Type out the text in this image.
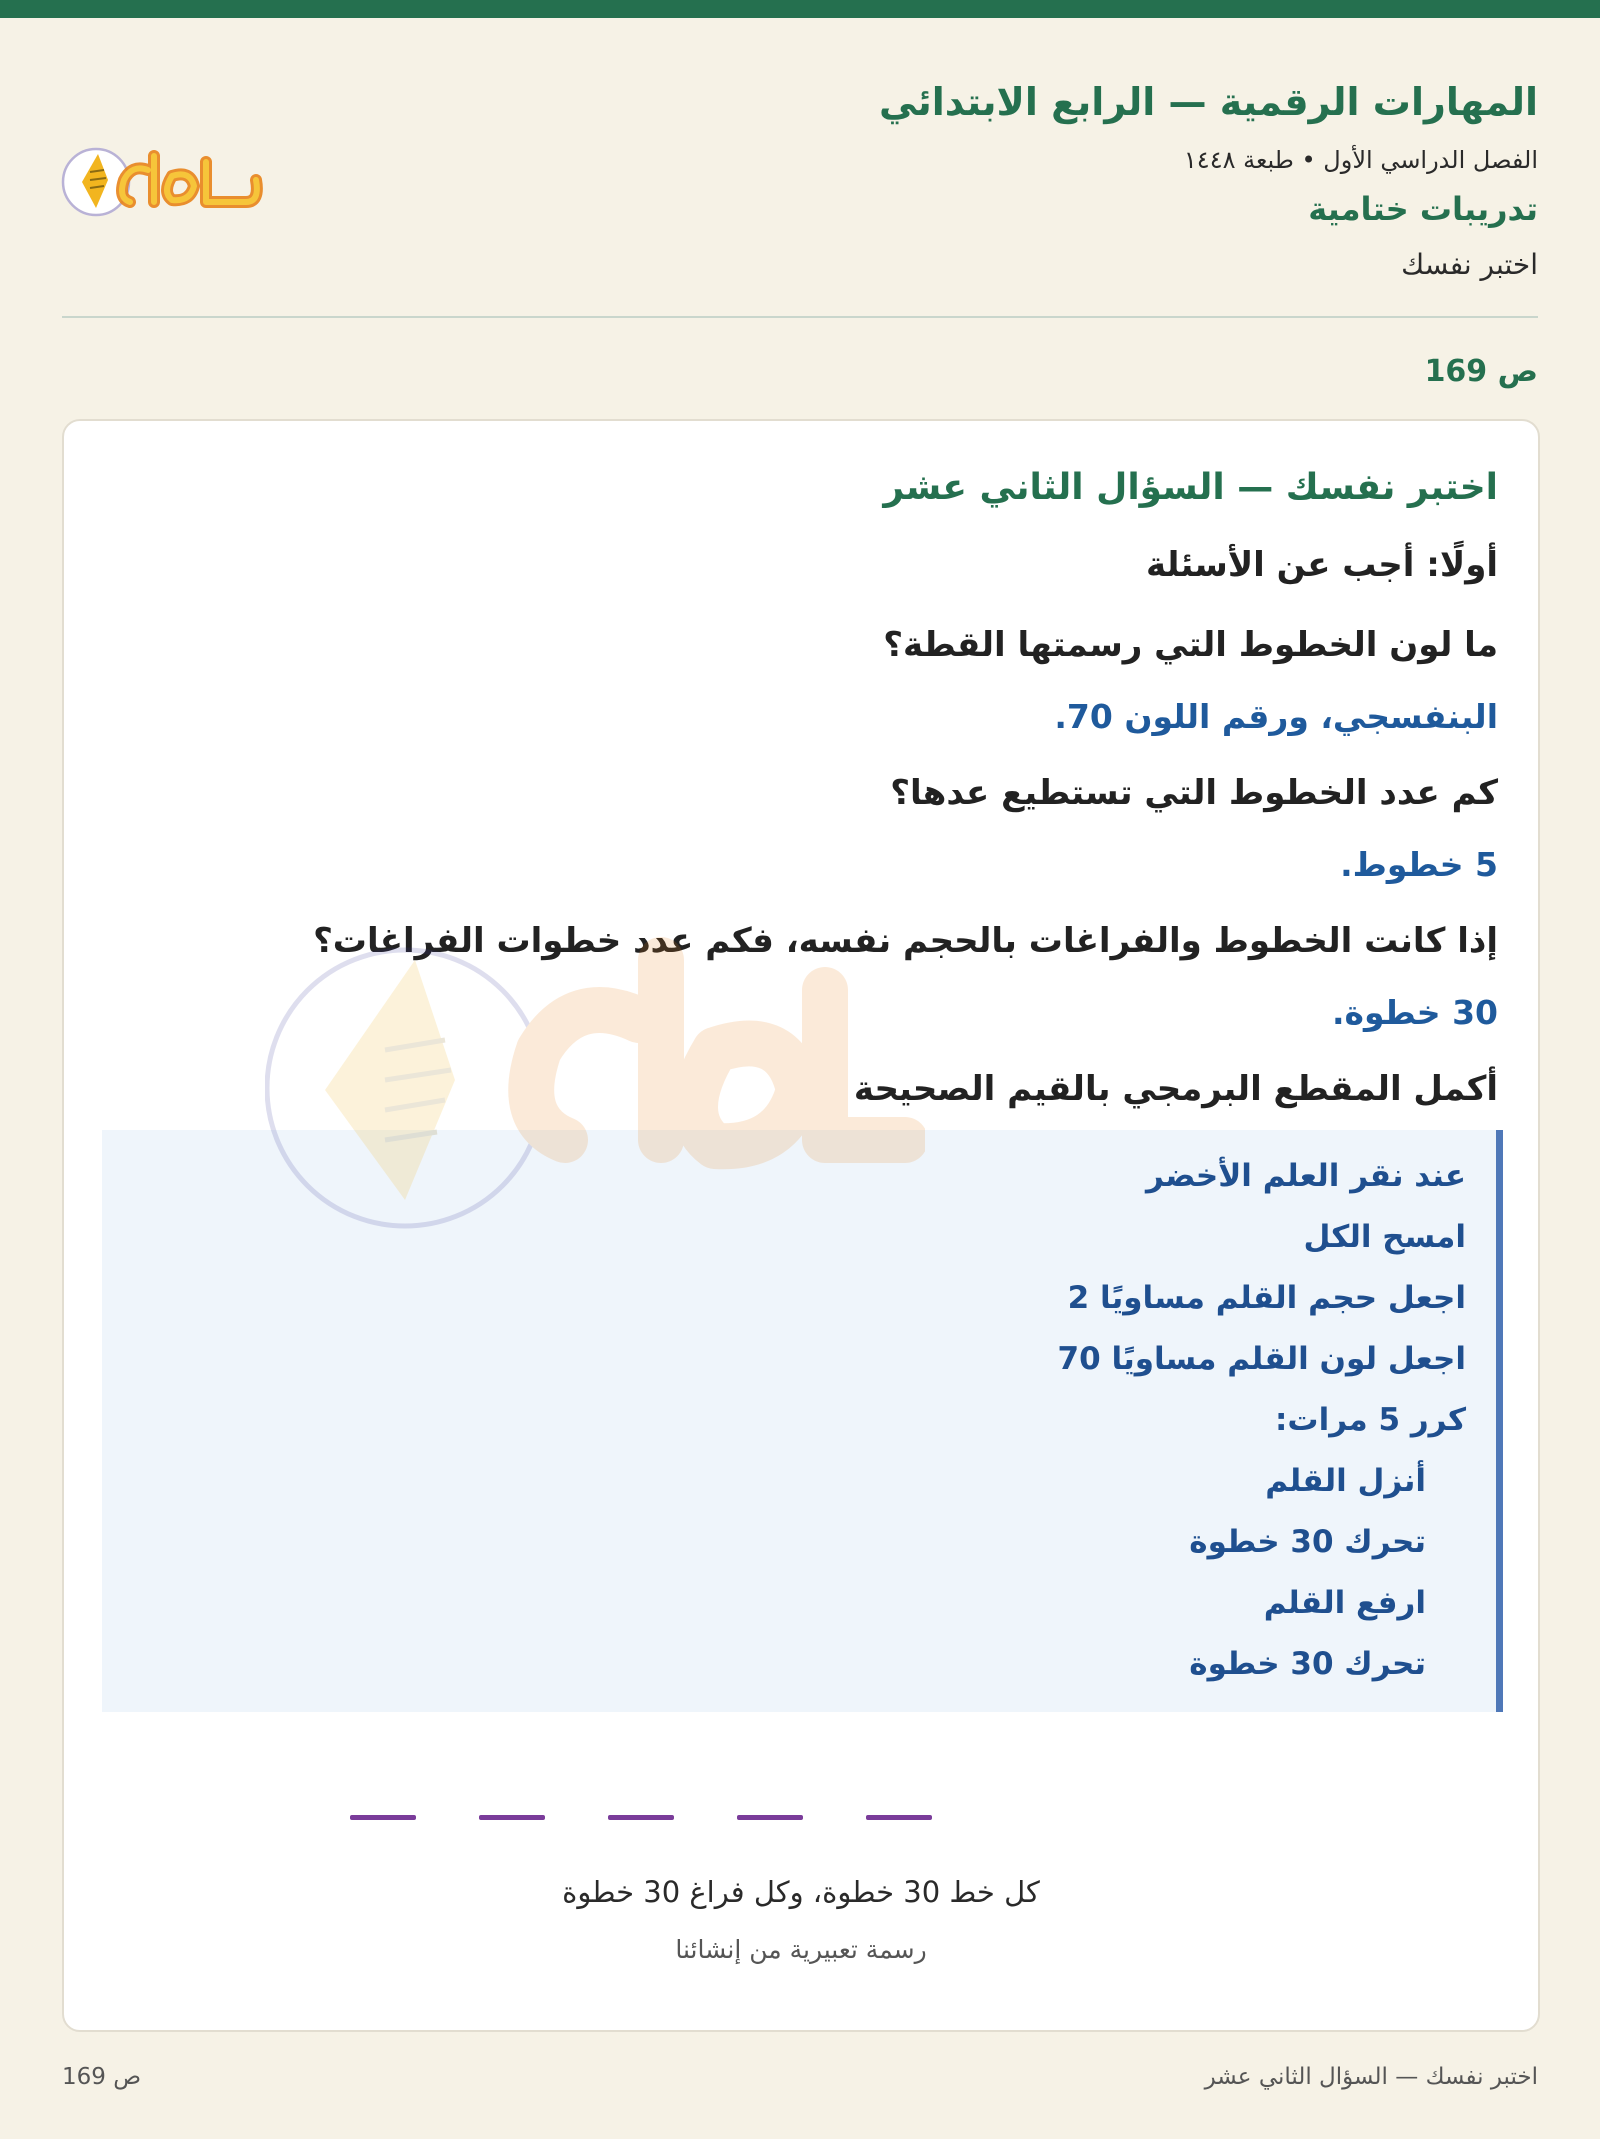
المهارات الرقمية — الرابع الابتدائي
الفصل الدراسي الأول • طبعة ١٤٤٨
تدريبات ختامية
اختبر نفسك
ص 169
اختبر نفسك — السؤال الثاني عشر
أولًا: أجب عن الأسئلة
ما لون الخطوط التي رسمتها القطة؟
البنفسجي، ورقم اللون 70.
كم عدد الخطوط التي تستطيع عدها؟
5 خطوط.
إذا كانت الخطوط والفراغات بالحجم نفسه، فكم عدد خطوات الفراغات؟
30 خطوة.
أكمل المقطع البرمجي بالقيم الصحيحة
عند نقر العلم الأخضر
امسح الكل
اجعل حجم القلم مساويًا 2
اجعل لون القلم مساويًا 70
كرر 5 مرات:
أنزل القلم
تحرك 30 خطوة
ارفع القلم
تحرك 30 خطوة
كل خط 30 خطوة، وكل فراغ 30 خطوة
رسمة تعبيرية من إنشائنا
ص 169	اختبر نفسك — السؤال الثاني عشر
